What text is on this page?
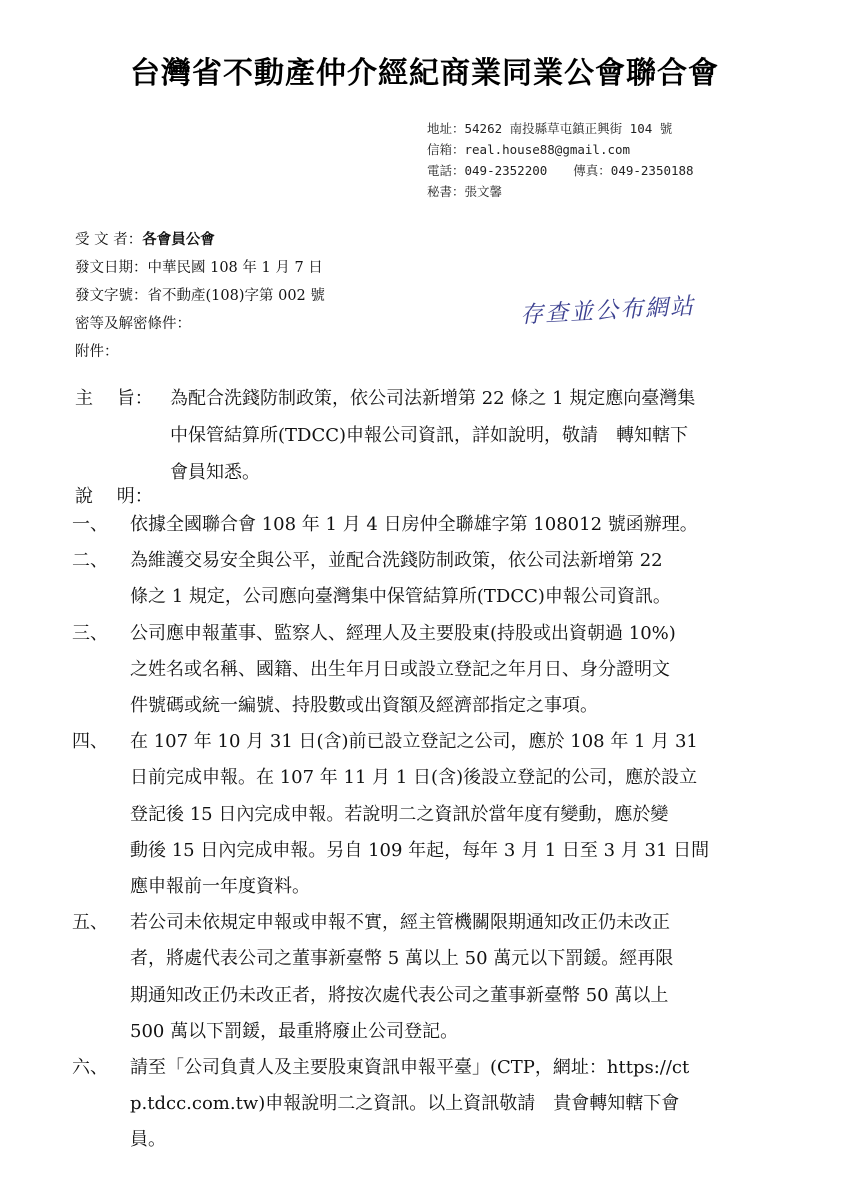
台灣省不動產仲介經紀商業同業公會聯合會
地址：54262 南投縣草屯鎮正興街 104 號
信箱：real.house88@gmail.com
電話：049-2352200 傳真：049-2350188
秘書：張文馨
受 文 者：各會員公會
發文日期：中華民國 108 年 1 月 7 日
發文字號：省不動產(108)字第 002 號
密等及解密條件：
附件：
存查並公布網站
主　 旨： 為配合洗錢防制政策，依公司法新增第 22 條之 1 規定應向臺灣集
中保管結算所(TDCC)申報公司資訊，詳如說明，敬請　轉知轄下
會員知悉。
說　 明：
一、	依據全國聯合會 108 年 1 月 4 日房仲全聯雄字第 108012 號函辦理。
二、	為維護交易安全與公平，並配合洗錢防制政策，依公司法新增第 22
條之 1 規定，公司應向臺灣集中保管結算所(TDCC)申報公司資訊。
三、	公司應申報董事、監察人、經理人及主要股東(持股或出資朝過 10%)
之姓名或名稱、國籍、出生年月日或設立登記之年月日、身分證明文
件號碼或統一編號、持股數或出資額及經濟部指定之事項。
四、	在 107 年 10 月 31 日(含)前已設立登記之公司，應於 108 年 1 月 31
日前完成申報。在 107 年 11 月 1 日(含)後設立登記的公司，應於設立
登記後 15 日內完成申報。若說明二之資訊於當年度有變動，應於變
動後 15 日內完成申報。另自 109 年起，每年 3 月 1 日至 3 月 31 日間
應申報前一年度資料。
五、	若公司未依規定申報或申報不實，經主管機關限期通知改正仍未改正
者，將處代表公司之董事新臺幣 5 萬以上 50 萬元以下罰鍰。經再限
期通知改正仍未改正者，將按次處代表公司之董事新臺幣 50 萬以上
500 萬以下罰鍰，最重將廢止公司登記。
六、	請至「公司負責人及主要股東資訊申報平臺」(CTP，網址：https://ct
p.tdcc.com.tw)申報說明二之資訊。以上資訊敬請　貴會轉知轄下會
員。
